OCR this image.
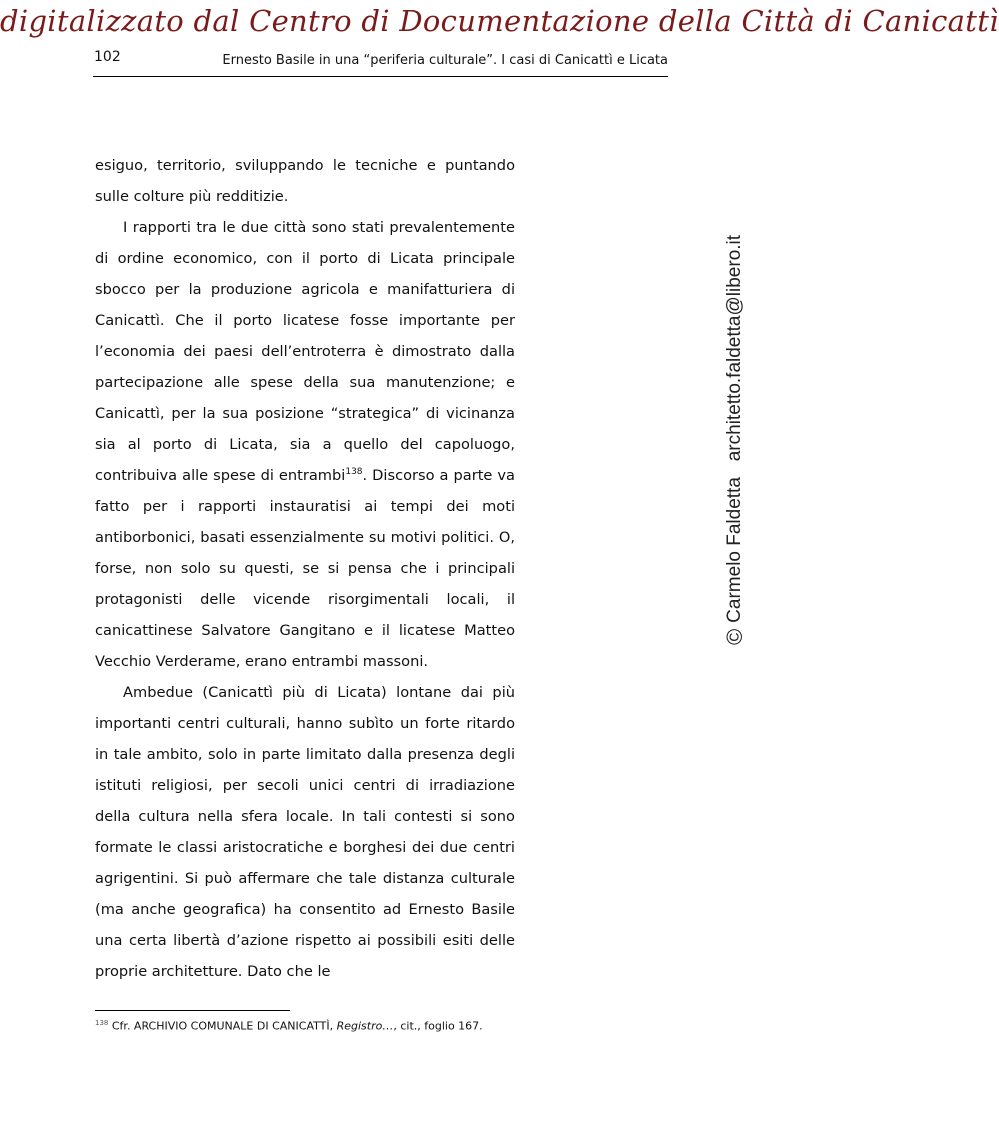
digitalizzato dal Centro di Documentazione della Città di Canicattì
102	Ernesto Basile in una “periferia culturale”. I casi di Canicattì e Licata

esiguo, territorio, sviluppando le tecniche e puntando sulle colture più redditizie.

I rapporti tra le due città sono stati prevalentemente di ordine economico, con il porto di Licata principale sbocco per la produzione agricola e manifatturiera di Canicattì. Che il porto licatese fosse importante per l’economia dei paesi dell’entroterra è dimostrato dalla partecipazione alle spese della sua manutenzione; e Canicattì, per la sua posizione “strategica” di vicinanza sia al porto di Licata, sia a quello del capoluogo, contribuiva alle spese di entrambi$^{138}$. Discorso a parte va fatto per i rapporti instauratisi ai tempi dei moti antiborbonici, basati essenzialmente su motivi politici. O, forse, non solo su questi, se si pensa che i principali protagonisti delle vicende risorgimentali locali, il canicattinese Salvatore Gangitano e il licatese Matteo Vecchio Verderame, erano entrambi massoni.

Ambedue (Canicattì più di Licata) lontane dai più importanti centri culturali, hanno subìto un forte ritardo in tale ambito, solo in parte limitato dalla presenza degli istituti religiosi, per secoli unici centri di irradiazione della cultura nella sfera locale. In tali contesti si sono formate le classi aristocratiche e borghesi dei due centri agrigentini. Si può affermare che tale distanza culturale (ma anche geografica) ha consentito ad Ernesto Basile una certa libertà d’azione rispetto ai possibili esiti delle proprie architetture. Dato che le

©
Carmelo Faldetta   architetto.faldetta@libero.it
$^{138}$ Cfr. ARCHIVIO COMUNALE DI CANICATTÌ, Registro…, cit., foglio 167.
